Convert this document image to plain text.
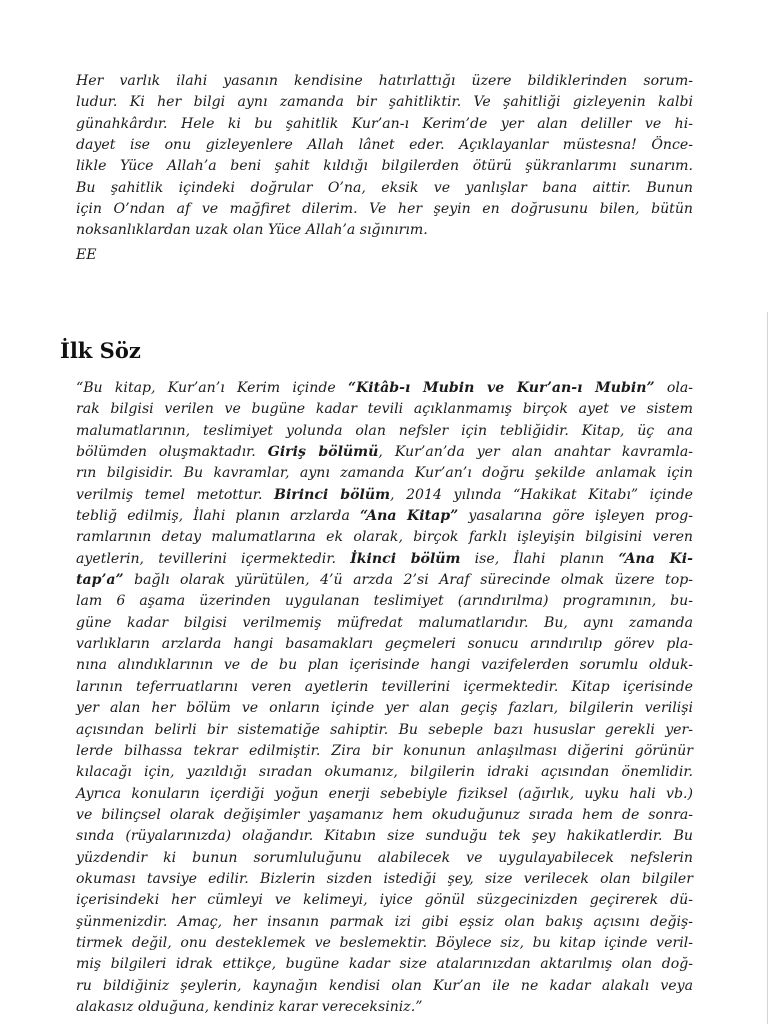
Her varlık ilahi yasanın kendisine hatırlattığı üzere bildiklerinden sorum-
ludur. Ki her bilgi aynı zamanda bir şahitliktir. Ve şahitliği gizleyenin kalbi
günahkârdır. Hele ki bu şahitlik Kur’an-ı Kerim’de yer alan deliller ve hi-
dayet ise onu gizleyenlere Allah lânet eder. Açıklayanlar müstesna! Önce-
likle Yüce Allah’a beni şahit kıldığı bilgilerden ötürü şükranlarımı sunarım.
Bu şahitlik içindeki doğrular O’na, eksik ve yanlışlar bana aittir. Bunun
için O’ndan af ve mağfiret dilerim. Ve her şeyin en doğrusunu bilen, bütün
noksanlıklardan uzak olan Yüce Allah’a sığınırım.
EE
İlk Söz
“Bu kitap, Kur’an’ı Kerim içinde “Kitâb-ı Mubin ve Kur’an-ı Mubin” ola-
rak bilgisi verilen ve bugüne kadar tevili açıklanmamış birçok ayet ve sistem
malumatlarının, teslimiyet yolunda olan nefsler için tebliğidir. Kitap, üç ana
bölümden oluşmaktadır. Giriş bölümü, Kur’an’da yer alan anahtar kavramla-
rın bilgisidir. Bu kavramlar, aynı zamanda Kur’an’ı doğru şekilde anlamak için
verilmiş temel metottur. Birinci bölüm, 2014 yılında “Hakikat Kitabı” içinde
tebliğ edilmiş, İlahi planın arzlarda “Ana Kitap” yasalarına göre işleyen prog-
ramlarının detay malumatlarına ek olarak, birçok farklı işleyişin bilgisini veren
ayetlerin, tevillerini içermektedir. İkinci bölüm ise, İlahi planın “Ana Ki-
tap’a” bağlı olarak yürütülen, 4’ü arzda 2’si Araf sürecinde olmak üzere top-
lam 6 aşama üzerinden uygulanan teslimiyet (arındırılma) programının, bu-
güne kadar bilgisi verilmemiş müfredat malumatlarıdır. Bu, aynı zamanda
varlıkların arzlarda hangi basamakları geçmeleri sonucu arındırılıp görev pla-
nına alındıklarının ve de bu plan içerisinde hangi vazifelerden sorumlu olduk-
larının teferruatlarını veren ayetlerin tevillerini içermektedir. Kitap içerisinde
yer alan her bölüm ve onların içinde yer alan geçiş fazları, bilgilerin verilişi
açısından belirli bir sistematiğe sahiptir. Bu sebeple bazı hususlar gerekli yer-
lerde bilhassa tekrar edilmiştir. Zira bir konunun anlaşılması diğerini görünür
kılacağı için, yazıldığı sıradan okumanız, bilgilerin idraki açısından önemlidir.
Ayrıca konuların içerdiği yoğun enerji sebebiyle fiziksel (ağırlık, uyku hali vb.)
ve bilinçsel olarak değişimler yaşamanız hem okuduğunuz sırada hem de sonra-
sında (rüyalarınızda) olağandır. Kitabın size sunduğu tek şey hakikatlerdir. Bu
yüzdendir ki bunun sorumluluğunu alabilecek ve uygulayabilecek nefslerin
okuması tavsiye edilir. Bizlerin sizden istediği şey, size verilecek olan bilgiler
içerisindeki her cümleyi ve kelimeyi, iyice gönül süzgecinizden geçirerek dü-
şünmenizdir. Amaç, her insanın parmak izi gibi eşsiz olan bakış açısını değiş-
tirmek değil, onu desteklemek ve beslemektir. Böylece siz, bu kitap içinde veril-
miş bilgileri idrak ettikçe, bugüne kadar size atalarınızdan aktarılmış olan doğ-
ru bildiğiniz şeylerin, kaynağın kendisi olan Kur’an ile ne kadar alakalı veya
alakasız olduğuna, kendiniz karar vereceksiniz.”
